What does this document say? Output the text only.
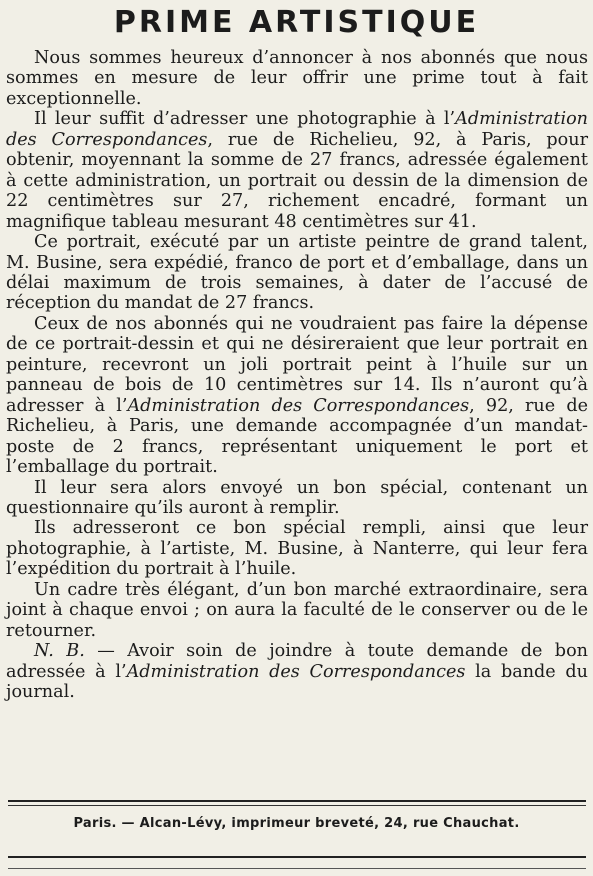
PRIME ARTISTIQUE

Nous sommes heureux d’annoncer à nos abonnés que nous sommes en mesure de leur offrir une prime tout à fait exceptionnelle.

Il leur suffit d’adresser une photographie à l’Administration des Correspondances, rue de Richelieu, 92, à Paris, pour obtenir, moyennant la somme de 27 francs, adressée également à cette administration, un portrait ou dessin de la dimension de 22 centimètres sur 27, richement encadré, formant un magnifique tableau mesurant 48 centimètres sur 41.

Ce portrait, exécuté par un artiste peintre de grand talent, M. Busine, sera expédié, franco de port et d’emballage, dans un délai maximum de trois semaines, à dater de l’accusé de réception du mandat de 27 francs.

Ceux de nos abonnés qui ne voudraient pas faire la dépense de ce portrait-dessin et qui ne désireraient que leur portrait en peinture, recevront un joli portrait peint à l’huile sur un panneau de bois de 10 centimètres sur 14. Ils n’auront qu’à adresser à l’Administration des Correspondances, 92, rue de Richelieu, à Paris, une demande accompagnée d’un mandat-poste de 2 francs, représentant uniquement le port et l’emballage du portrait.

Il leur sera alors envoyé un bon spécial, contenant un questionnaire qu’ils auront à remplir.

Ils adresseront ce bon spécial rempli, ainsi que leur photographie, à l’artiste, M. Busine, à Nanterre, qui leur fera l’expédition du portrait à l’huile.

Un cadre très élégant, d’un bon marché extraordinaire, sera joint à chaque envoi ; on aura la faculté de le conserver ou de le retourner.

N. B. — Avoir soin de joindre à toute demande de bon adressée à l’Administration des Correspondances la bande du journal.

Paris. — Alcan-Lévy, imprimeur breveté, 24, rue Chauchat.
